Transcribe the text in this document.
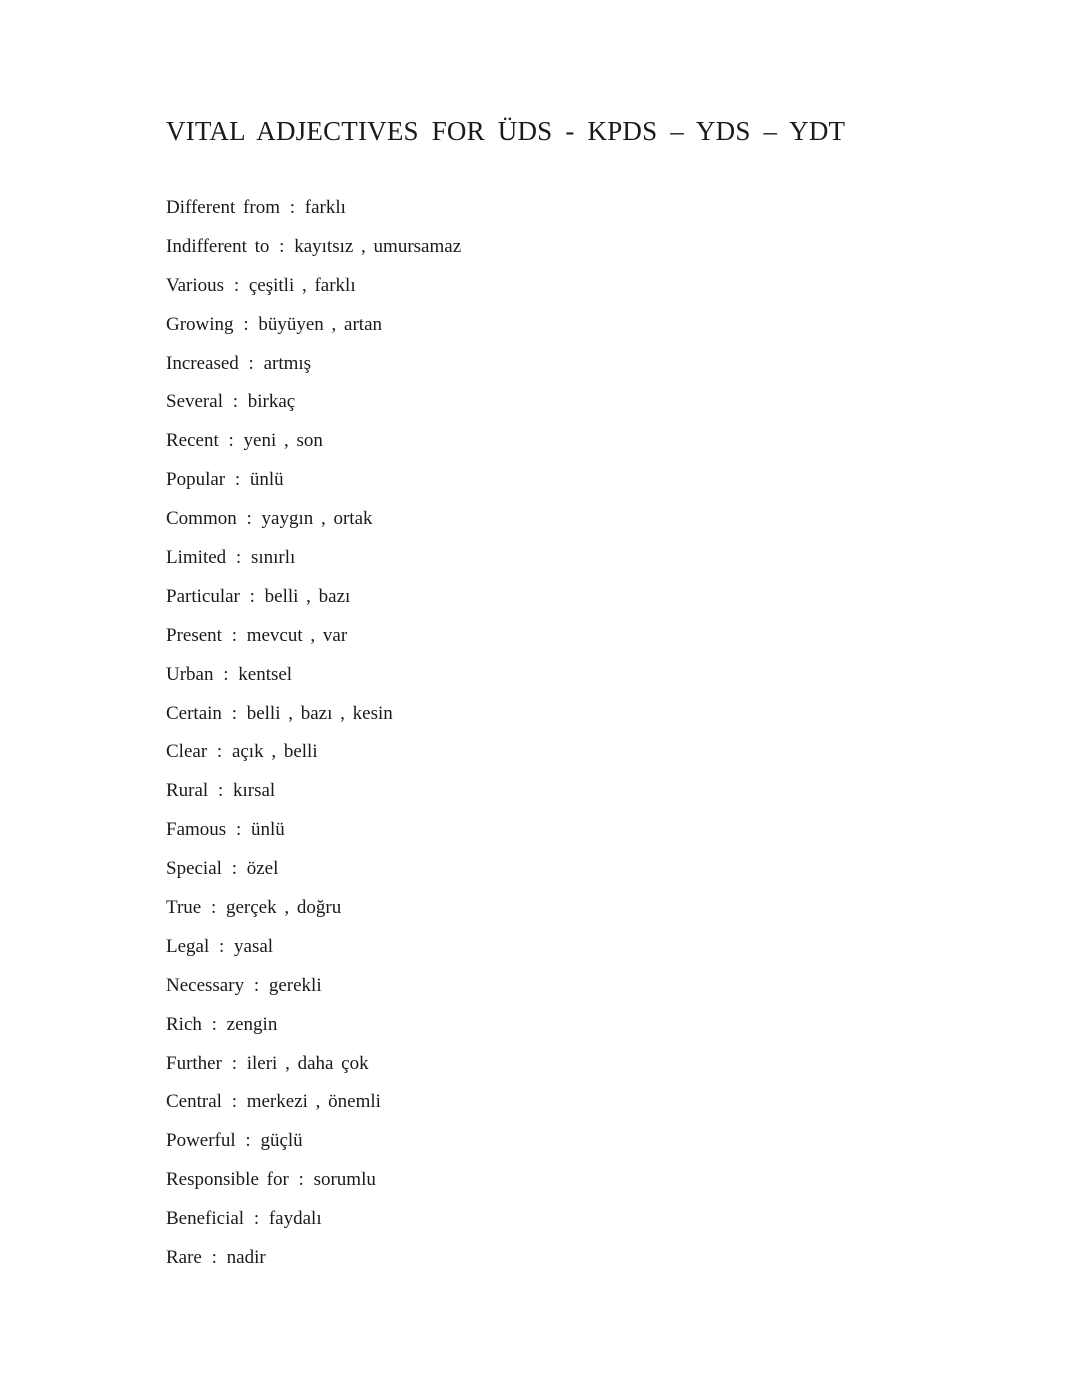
VITAL ADJECTIVES FOR ÜDS - KPDS – YDS – YDT
Different from : farklı
Indifferent to : kayıtsız , umursamaz
Various : çeşitli , farklı
Growing : büyüyen , artan
Increased : artmış
Several : birkaç
Recent : yeni , son
Popular : ünlü
Common : yaygın , ortak
Limited : sınırlı
Particular : belli , bazı
Present : mevcut , var
Urban : kentsel
Certain : belli , bazı , kesin
Clear : açık , belli
Rural : kırsal
Famous : ünlü
Special : özel
True : gerçek , doğru
Legal : yasal
Necessary : gerekli
Rich : zengin
Further : ileri , daha çok
Central : merkezi , önemli
Powerful : güçlü
Responsible for : sorumlu
Beneficial : faydalı
Rare : nadir
